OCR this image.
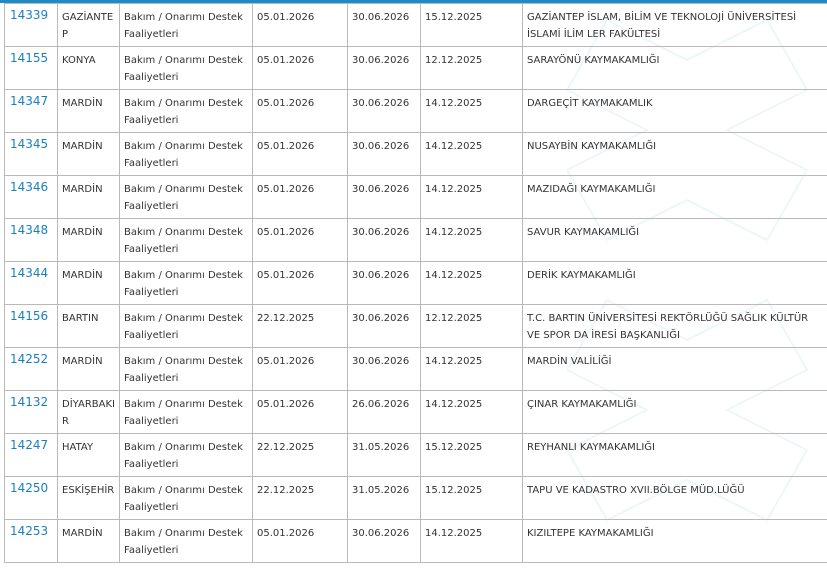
14339	GAZİANTEP	Bakım / Onarımı Destek Faaliyetleri	05.01.2026	30.06.2026	15.12.2025	GAZİANTEP İSLAM, BİLİM VE TEKNOLOJİ ÜNİVERSİTESİ İSLAMİ İLİM LER FAKÜLTESİ

14155	KONYA	Bakım / Onarımı Destek Faaliyetleri	05.01.2026	30.06.2026	12.12.2025	SARAYÖNÜ KAYMAKAMLIĞI

14347	MARDİN	Bakım / Onarımı Destek Faaliyetleri	05.01.2026	30.06.2026	14.12.2025	DARGEÇİT KAYMAKAMLIK

14345	MARDİN	Bakım / Onarımı Destek Faaliyetleri	05.01.2026	30.06.2026	14.12.2025	NUSAYBİN KAYMAKAMLIĞI

14346	MARDİN	Bakım / Onarımı Destek Faaliyetleri	05.01.2026	30.06.2026	14.12.2025	MAZIDAĞI KAYMAKAMLIĞI

14348	MARDİN	Bakım / Onarımı Destek Faaliyetleri	05.01.2026	30.06.2026	14.12.2025	SAVUR KAYMAKAMLIĞI

14344	MARDİN	Bakım / Onarımı Destek Faaliyetleri	05.01.2026	30.06.2026	14.12.2025	DERİK KAYMAKAMLIĞI

14156	BARTIN	Bakım / Onarımı Destek Faaliyetleri	22.12.2025	30.06.2026	12.12.2025	T.C. BARTIN ÜNİVERSİTESİ REKTÖRLÜĞÜ SAĞLIK KÜLTÜR VE SPOR DA İRESİ BAŞKANLIĞI

14252	MARDİN	Bakım / Onarımı Destek Faaliyetleri	05.01.2026	30.06.2026	14.12.2025	MARDİN VALİLİĞİ

14132	DİYARBAKIR	Bakım / Onarımı Destek Faaliyetleri	05.01.2026	26.06.2026	14.12.2025	ÇINAR KAYMAKAMLIĞI

14247	HATAY	Bakım / Onarımı Destek Faaliyetleri	22.12.2025	31.05.2026	15.12.2025	REYHANLI KAYMAKAMLIĞI

14250	ESKİŞEHİR	Bakım / Onarımı Destek Faaliyetleri	22.12.2025	31.05.2026	15.12.2025	TAPU VE KADASTRO XVII.BÖLGE MÜD.LÜĞÜ

14253	MARDİN	Bakım / Onarımı Destek Faaliyetleri	05.01.2026	30.06.2026	14.12.2025	KIZILTEPE KAYMAKAMLIĞI
